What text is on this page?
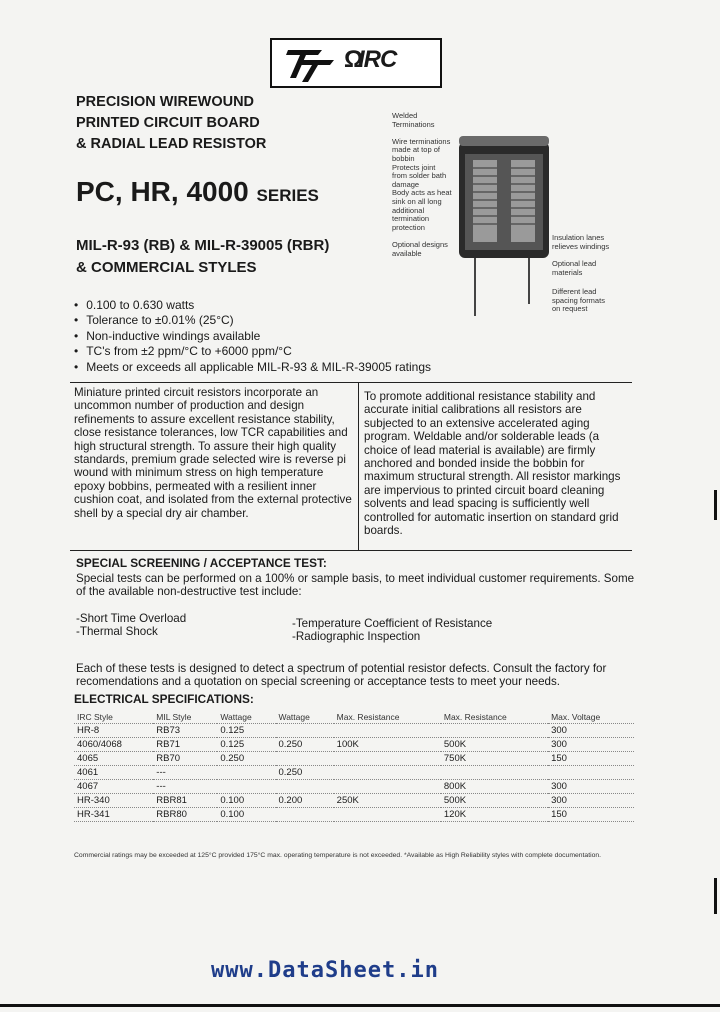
Ω
IRC
PRECISION WIREWOUND
PRINTED CIRCUIT BOARD
& RADIAL LEAD RESISTOR
PC, HR, 4000 SERIES
MIL-R-93 (RB) & MIL-R-39005 (RBR)
& COMMERCIAL STYLES
Welded
Terminations

Wire terminations
made at top of
bobbin
Protects joint
from solder bath
damage
Body acts as heat
sink on all long
additional
termination
protection

Optional designs
available
Insulation lanes
relieves windings
Optional lead
materials
Different lead
spacing formats
on request
• 0.100 to 0.630 watts
• Tolerance to ±0.01% (25°C)
• Non-inductive windings available
• TC's from ±2 ppm/°C to +6000 ppm/°C
• Meets or exceeds all applicable MIL-R-93 & MIL-R-39005 ratings
Miniature printed circuit resistors incorporate an uncommon number of production and design refinements to assure excellent resistance stability, close resistance tolerances, low TCR capabilities and high structural strength. To assure their high quality standards, premium grade selected wire is reverse pi wound with minimum stress on high temperature epoxy bobbins, permeated with a resilient inner cushion coat, and isolated from the external protective shell by a special dry air chamber.
To promote additional resistance stability and accurate initial calibrations all resistors are subjected to an extensive accelerated aging program. Weldable and/or solderable leads (a choice of lead material is available) are firmly anchored and bonded inside the bobbin for maximum structural strength. All resistor markings are impervious to printed circuit board cleaning solvents and lead spacing is sufficiently well controlled for automatic insertion on standard grid boards.
SPECIAL SCREENING / ACCEPTANCE TEST:
Special tests can be performed on a 100% or sample basis, to meet individual customer requirements. Some of the available non-destructive test include:
-Short Time Overload
-Thermal Shock
-Temperature Coefficient of Resistance
-Radiographic Inspection
Each of these tests is designed to detect a spectrum of potential resistor defects. Consult the factory for recomendations and a quotation on special screening or acceptance tests to meet your needs.
ELECTRICAL SPECIFICATIONS:
IRC Style	MIL Style	Wattage	Wattage	Max. Resistance	Max. Resistance	Max. Voltage
HR-8	RB73	0.125				300
4060/4068	RB71	0.125	0.250	100K	500K	300
4065	RB70	0.250			750K	150
4061	---		0.250			
4067	---				800K	300
HR-340	RBR81	0.100	0.200	250K	500K	300
HR-341	RBR80	0.100			120K	150
Commercial ratings may be exceeded at 125°C provided 175°C max. operating temperature is not exceeded. *Available as High Reliability styles with complete documentation.
www.DataSheet.in
